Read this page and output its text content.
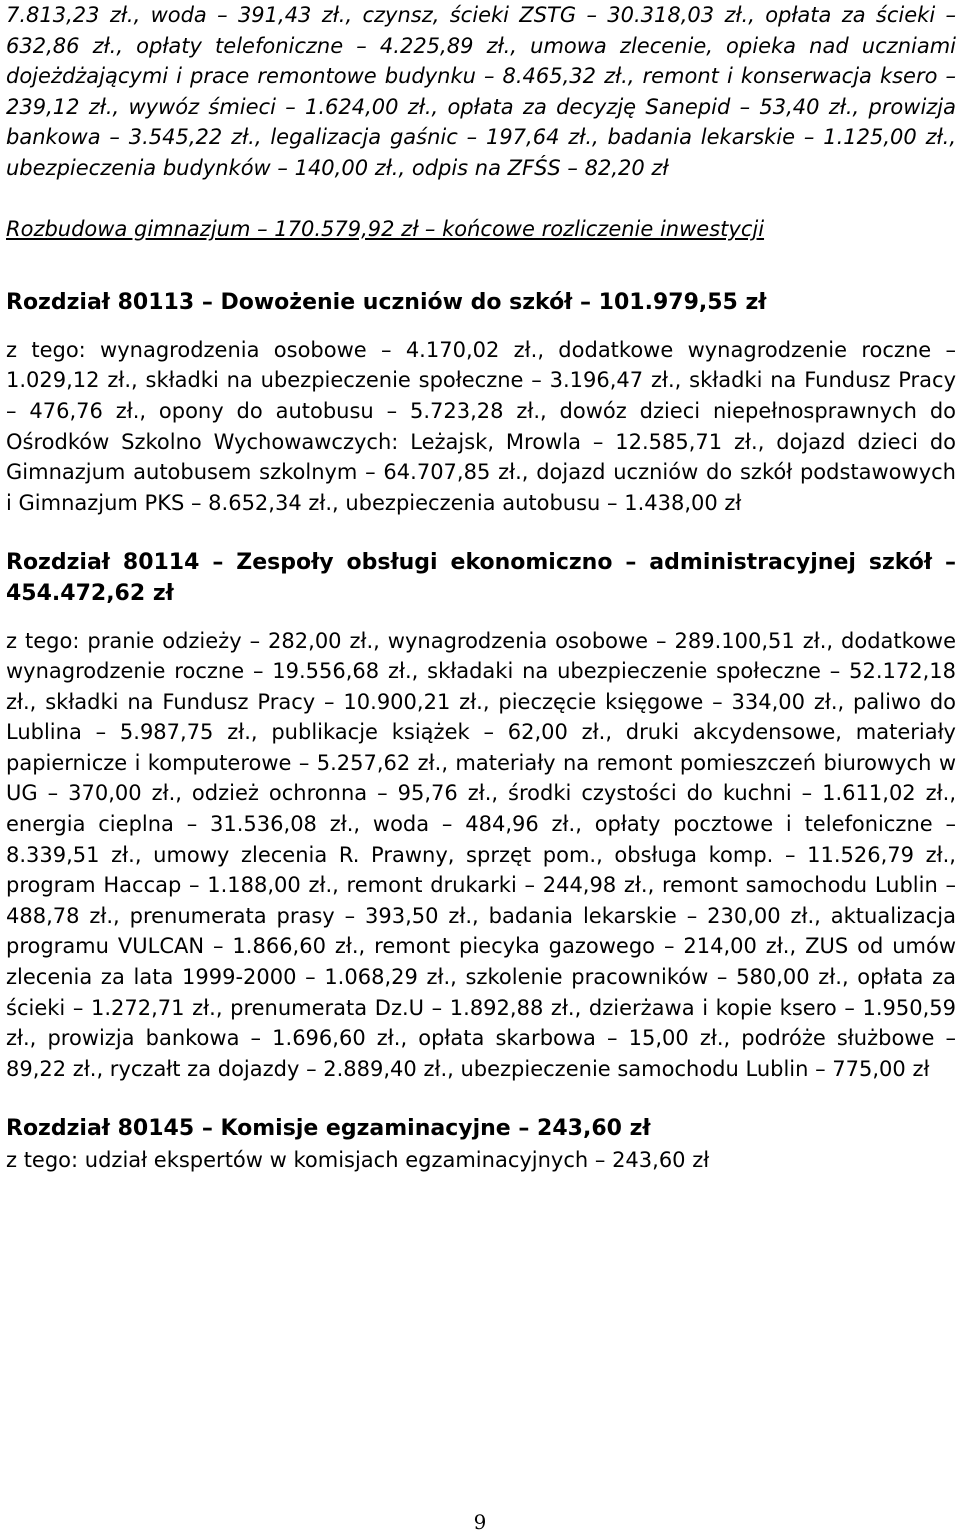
7.813,23 zł., woda – 391,43 zł., czynsz, ścieki ZSTG – 30.318,03 zł., opłata za ścieki – 632,86 zł., opłaty telefoniczne – 4.225,89 zł., umowa zlecenie, opieka nad uczniami dojeżdżającymi i prace remontowe budynku – 8.465,32 zł., remont i konserwacja ksero – 239,12 zł., wywóz śmieci – 1.624,00 zł., opłata za decyzję Sanepid – 53,40 zł., prowizja bankowa – 3.545,22 zł., legalizacja gaśnic – 197,64 zł., badania lekarskie – 1.125,00 zł., ubezpieczenia budynków – 140,00 zł., odpis na ZFŚS – 82,20 zł

Rozbudowa gimnazjum – 170.579,92 zł – końcowe rozliczenie inwestycji

Rozdział 80113 – Dowożenie uczniów do szkół – 101.979,55 zł

z tego: wynagrodzenia osobowe – 4.170,02 zł., dodatkowe wynagrodzenie roczne – 1.029,12 zł., składki na ubezpieczenie społeczne – 3.196,47 zł., składki na Fundusz Pracy – 476,76 zł., opony do autobusu – 5.723,28 zł., dowóz dzieci niepełnosprawnych do Ośrodków Szkolno Wychowawczych: Leżajsk, Mrowla – 12.585,71 zł., dojazd dzieci do Gimnazjum autobusem szkolnym – 64.707,85 zł., dojazd uczniów do szkół podstawowych i Gimnazjum PKS – 8.652,34 zł., ubezpieczenia autobusu – 1.438,00 zł

Rozdział 80114 – Zespoły obsługi ekonomiczno – administracyjnej szkół – 454.472,62 zł

z tego: pranie odzieży – 282,00 zł., wynagrodzenia osobowe – 289.100,51 zł., dodatkowe wynagrodzenie roczne – 19.556,68 zł., składaki na ubezpieczenie społeczne – 52.172,18 zł., składki na Fundusz Pracy – 10.900,21 zł., pieczęcie księgowe – 334,00 zł., paliwo do Lublina – 5.987,75 zł., publikacje książek – 62,00 zł., druki akcydensowe, materiały papiernicze i komputerowe – 5.257,62 zł., materiały na remont pomieszczeń biurowych w UG – 370,00 zł., odzież ochronna – 95,76 zł., środki czystości do kuchni – 1.611,02 zł., energia cieplna – 31.536,08 zł., woda – 484,96 zł., opłaty pocztowe i telefoniczne – 8.339,51 zł., umowy zlecenia R. Prawny, sprzęt pom., obsługa komp. – 11.526,79 zł., program Haccap – 1.188,00 zł., remont drukarki – 244,98 zł., remont samochodu Lublin – 488,78 zł., prenumerata prasy – 393,50 zł., badania lekarskie – 230,00 zł., aktualizacja programu VULCAN – 1.866,60 zł., remont piecyka gazowego – 214,00 zł., ZUS od umów zlecenia za lata 1999-2000 – 1.068,29 zł., szkolenie pracowników – 580,00 zł., opłata za ścieki – 1.272,71 zł., prenumerata Dz.U – 1.892,88 zł., dzierżawa i kopie ksero – 1.950,59 zł., prowizja bankowa – 1.696,60 zł., opłata skarbowa – 15,00 zł., podróże służbowe – 89,22 zł., ryczałt za dojazdy – 2.889,40 zł., ubezpieczenie samochodu Lublin – 775,00 zł

Rozdział 80145 – Komisje egzaminacyjne – 243,60 zł

z tego: udział ekspertów w komisjach egzaminacyjnych – 243,60 zł

9
